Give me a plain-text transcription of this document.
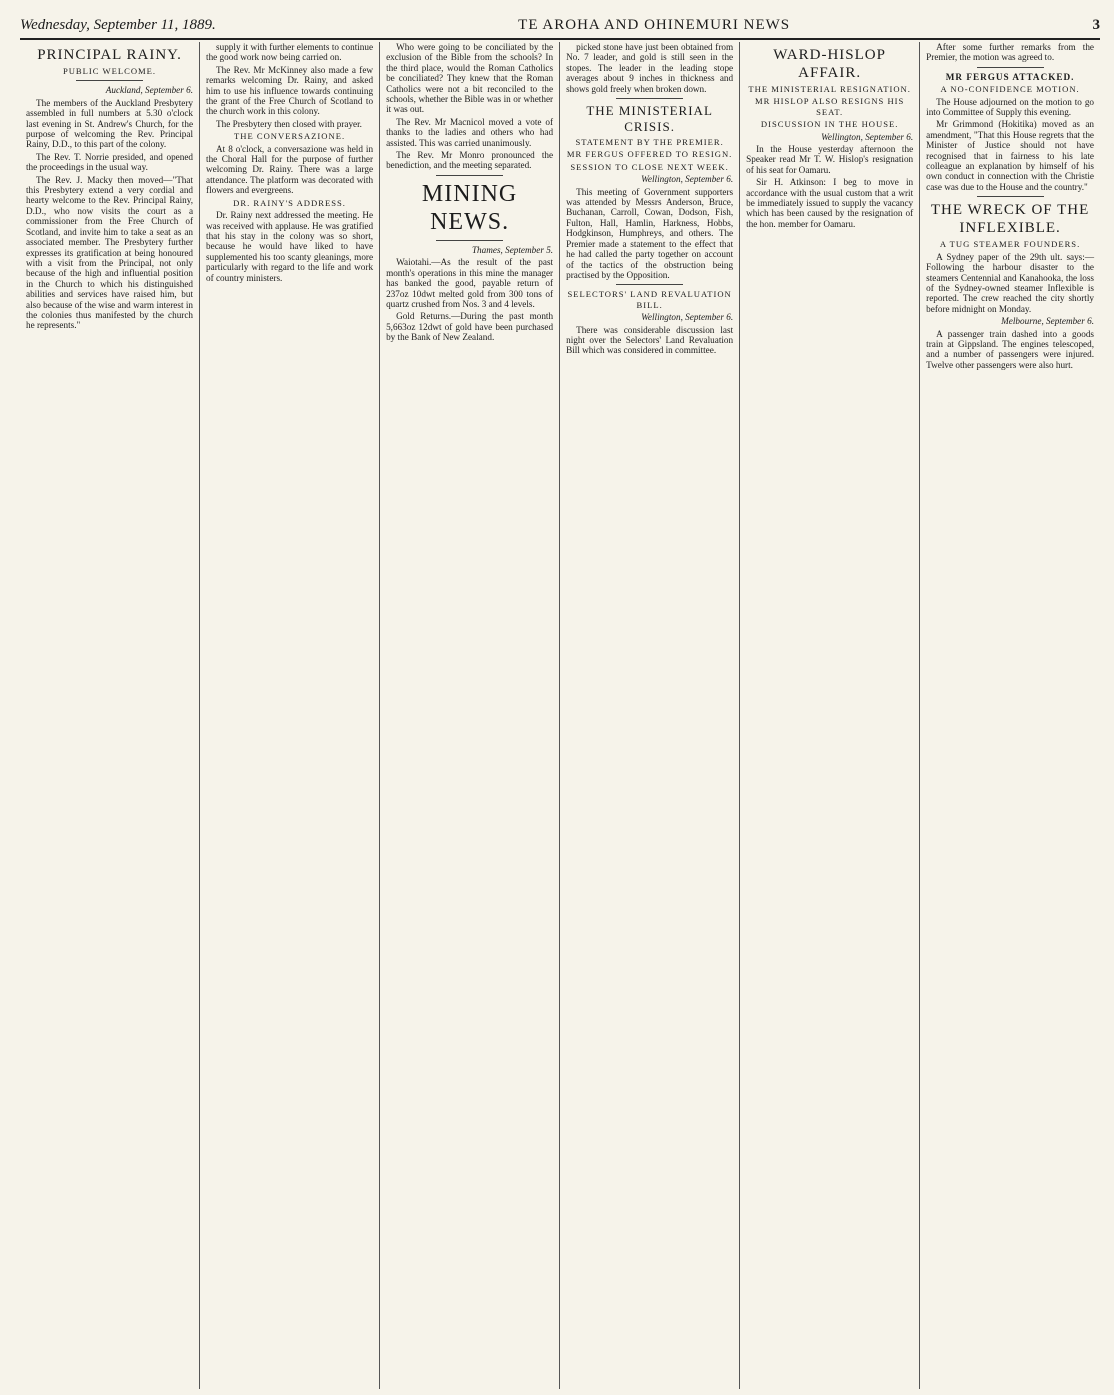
Wednesday, September 11, 1889.	TE AROHA AND OHINEMURI NEWS	3
PRINCIPAL RAINY.
PUBLIC WELCOME.

Auckland, September 6.

The members of the Auckland Presbytery assembled in full numbers at 5.30 o'clock last evening in St. Andrew's Church, for the purpose of welcoming the Rev. Principal Rainy, D.D., to this part of the colony.

The Rev. T. Norrie presided, and opened the proceedings in the usual way.

The Rev. J. Macky then moved—"That this Presbytery extend a very cordial and hearty welcome to the Rev. Principal Rainy, D.D., who now visits the court as a commissioner from the Free Church of Scotland, and invite him to take a seat as an associated member. The Presbytery further expresses its gratification at being honoured with a visit from the Principal, not only because of the high and influential position in the Church to which his distinguished abilities and services have raised him, but also because of the wise and warm interest in the colonies thus manifested by the church he represents."

supply it with further elements to continue the good work now being carried on.

The Rev. Mr McKinney also made a few remarks welcoming Dr. Rainy, and asked him to use his influence towards continuing the grant of the Free Church of Scotland to the church work in this colony.

The Presbytery then closed with prayer.

THE CONVERSAZIONE.

At 8 o'clock, a conversazione was held in the Choral Hall for the purpose of further welcoming Dr. Rainy. There was a large attendance. The platform was decorated with flowers and evergreens.

DR. RAINY'S ADDRESS.

Dr. Rainy next addressed the meeting. He was received with applause. He was gratified that his stay in the colony was so short, because he would have liked to have supplemented his too scanty gleanings, more particularly with regard to the life and work of country ministers.

Who were going to be conciliated by the exclusion of the Bible from the schools? In the third place, would the Roman Catholics be conciliated? They knew that the Roman Catholics were not a bit reconciled to the schools, whether the Bible was in or whether it was out.

The Rev. Mr Macnicol moved a vote of thanks to the ladies and others who had assisted. This was carried unanimously.

The Rev. Mr Monro pronounced the benediction, and the meeting separated.

MINING NEWS.

Thames, September 5.

Waiotahi.—As the result of the past month's operations in this mine the manager has banked the good, payable return of 237oz 10dwt melted gold from 300 tons of quartz crushed from Nos. 3 and 4 levels.

Gold Returns.—During the past month 5,663oz 12dwt of gold have been purchased by the Bank of New Zealand.

picked stone have just been obtained from No. 7 leader, and gold is still seen in the stopes. The leader in the leading stope averages about 9 inches in thickness and shows gold freely when broken down.

THE MINISTERIAL CRISIS.
STATEMENT BY THE PREMIER.
MR FERGUS OFFERED TO RESIGN.
SESSION TO CLOSE NEXT WEEK.

Wellington, September 6.

This meeting of Government supporters was attended by Messrs Anderson, Bruce, Buchanan, Carroll, Cowan, Dodson, Fish, Fulton, Hall, Hamlin, Harkness, Hobbs, Hodgkinson, Humphreys, and others. The Premier made a statement to the effect that he had called the party together on account of the tactics of the obstruction being practised by the Opposition.

SELECTORS' LAND REVALUATION BILL.

Wellington, September 6.

There was considerable discussion last night over the Selectors' Land Revaluation Bill which was considered in committee.

WARD-HISLOP AFFAIR.
THE MINISTERIAL RESIGNATION.
MR HISLOP ALSO RESIGNS HIS SEAT.
DISCUSSION IN THE HOUSE.

Wellington, September 6.

In the House yesterday afternoon the Speaker read Mr T. W. Hislop's resignation of his seat for Oamaru.

Sir H. Atkinson: I beg to move in accordance with the usual custom that a writ be immediately issued to supply the vacancy which has been caused by the resignation of the hon. member for Oamaru.

After some further remarks from the Premier, the motion was agreed to.

MR FERGUS ATTACKED.
A NO-CONFIDENCE MOTION.

The House adjourned on the motion to go into Committee of Supply this evening.

Mr Grimmond (Hokitika) moved as an amendment, "That this House regrets that the Minister of Justice should not have recognised that in fairness to his late colleague an explanation by himself of his own conduct in connection with the Christie case was due to the House and the country."

THE WRECK OF THE INFLEXIBLE.
A TUG STEAMER FOUNDERS.

A Sydney paper of the 29th ult. says:—Following the harbour disaster to the steamers Centennial and Kanahooka, the loss of the Sydney-owned steamer Inflexible is reported. The crew reached the city shortly before midnight on Monday.

Melbourne, September 6.

A passenger train dashed into a goods train at Gippsland. The engines telescoped, and a number of passengers were injured. Twelve other passengers were also hurt.
